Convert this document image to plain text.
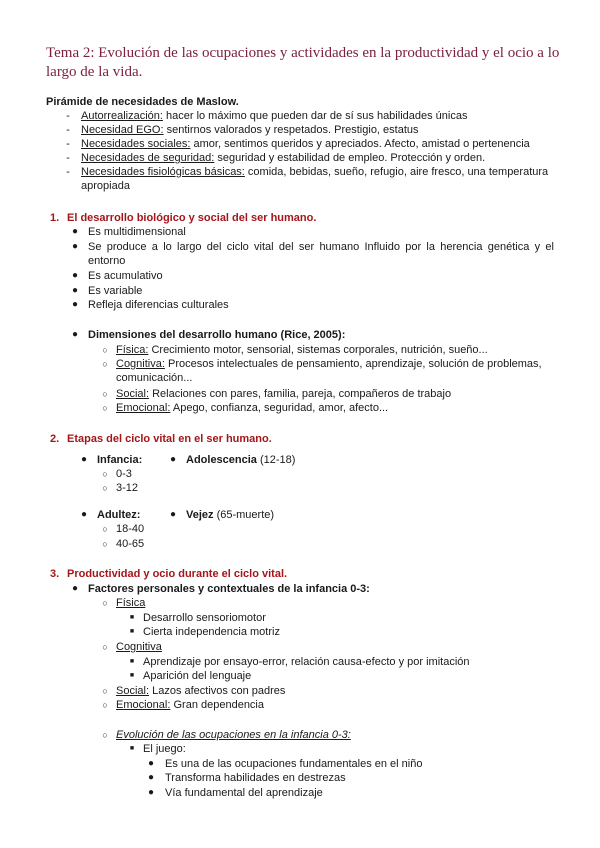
Tema 2: Evolución de las ocupaciones y actividades en la productividad y el ocio a lo largo de la vida.
Pirámide de necesidades de Maslow.
- Autorrealización: hacer lo máximo que pueden dar de sí sus habilidades únicas
- Necesidad EGO: sentirnos valorados y respetados. Prestigio, estatus
- Necesidades sociales: amor, sentimos queridos y apreciados. Afecto, amistad o pertenencia
- Necesidades de seguridad: seguridad y estabilidad de empleo. Protección y orden.
- Necesidades fisiológicas básicas: comida, bebidas, sueño, refugio, aire fresco, una temperatura apropiada
1. El desarrollo biológico y social del ser humano.
● Es multidimensional
● Se produce a lo largo del ciclo vital del ser humano Influido por la herencia genética y el entorno
● Es acumulativo
● Es variable
● Refleja diferencias culturales
● Dimensiones del desarrollo humano (Rice, 2005):
○ Física: Crecimiento motor, sensorial, sistemas corporales, nutrición, sueño...
○ Cognitiva: Procesos intelectuales de pensamiento, aprendizaje, solución de problemas, comunicación...
○ Social: Relaciones con pares, familia, pareja, compañeros de trabajo
○ Emocional: Apego, confianza, seguridad, amor, afecto...
2. Etapas del ciclo vital en el ser humano.
● Infancia:	● Adolescencia (12-18)
○ 0-3
○ 3-12
● Adultez:	● Vejez (65-muerte)
○ 18-40
○ 40-65
3. Productividad y ocio durante el ciclo vital.
● Factores personales y contextuales de la infancia 0-3:
○ Física
■ Desarrollo sensoriomotor
■ Cierta independencia motriz
○ Cognitiva
■ Aprendizaje por ensayo-error, relación causa-efecto y por imitación
■ Aparición del lenguaje
○ Social: Lazos afectivos con padres
○ Emocional: Gran dependencia
○ Evolución de las ocupaciones en la infancia 0-3:
■ El juego:
● Es una de las ocupaciones fundamentales en el niño
● Transforma habilidades en destrezas
● Vía fundamental del aprendizaje
